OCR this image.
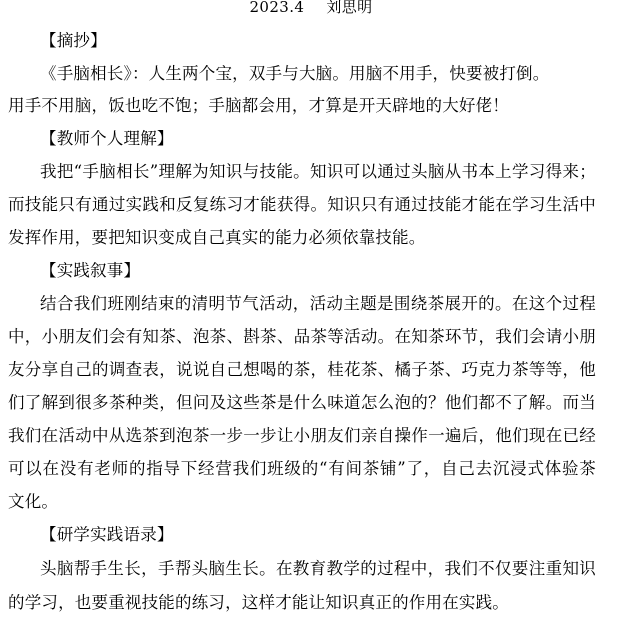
2023.4 刘思明
【摘抄】
《手脑相长》：人生两个宝，双手与大脑。用脑不用手，快要被打倒。
用手不用脑，饭也吃不饱；手脑都会用，才算是开天辟地的大好佬！
【教师个人理解】
我把“手脑相长”理解为知识与技能。知识可以通过头脑从书本上学习得来；
而技能只有通过实践和反复练习才能获得。知识只有通过技能才能在学习生活中
发挥作用，要把知识变成自己真实的能力必须依靠技能。
【实践叙事】
结合我们班刚结束的清明节气活动，活动主题是围绕茶展开的。在这个过程
中，小朋友们会有知茶、泡茶、斟茶、品茶等活动。在知茶环节，我们会请小朋
友分享自己的调查表，说说自己想喝的茶，桂花茶、橘子茶、巧克力茶等等，他
们了解到很多茶种类，但问及这些茶是什么味道怎么泡的？他们都不了解。而当
我们在活动中从选茶到泡茶一步一步让小朋友们亲自操作一遍后，他们现在已经
可以在没有老师的指导下经营我们班级的“有间茶铺”了，自己去沉浸式体验茶
文化。
【研学实践语录】
头脑帮手生长，手帮头脑生长。在教育教学的过程中，我们不仅要注重知识
的学习，也要重视技能的练习，这样才能让知识真正的作用在实践。
